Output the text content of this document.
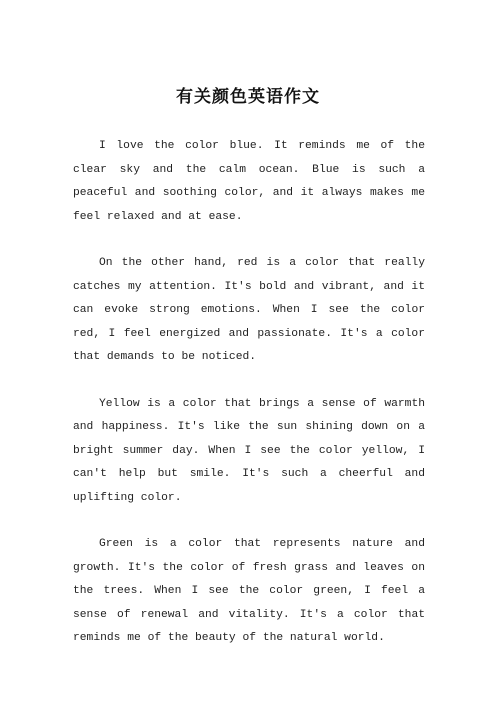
有关颜色英语作文

I love the color blue. It reminds me of the clear sky and the calm ocean. Blue is such a peaceful and soothing color, and it always makes me feel relaxed and at ease.

On the other hand, red is a color that really catches my attention. It's bold and vibrant, and it can evoke strong emotions. When I see the color red, I feel energized and passionate. It's a color that demands to be noticed.

Yellow is a color that brings a sense of warmth and happiness. It's like the sun shining down on a bright summer day. When I see the color yellow, I can't help but smile. It's such a cheerful and uplifting color.

Green is a color that represents nature and growth. It's the color of fresh grass and leaves on the trees. When I see the color green, I feel a sense of renewal and vitality. It's a color that reminds me of the beauty of the natural world.
